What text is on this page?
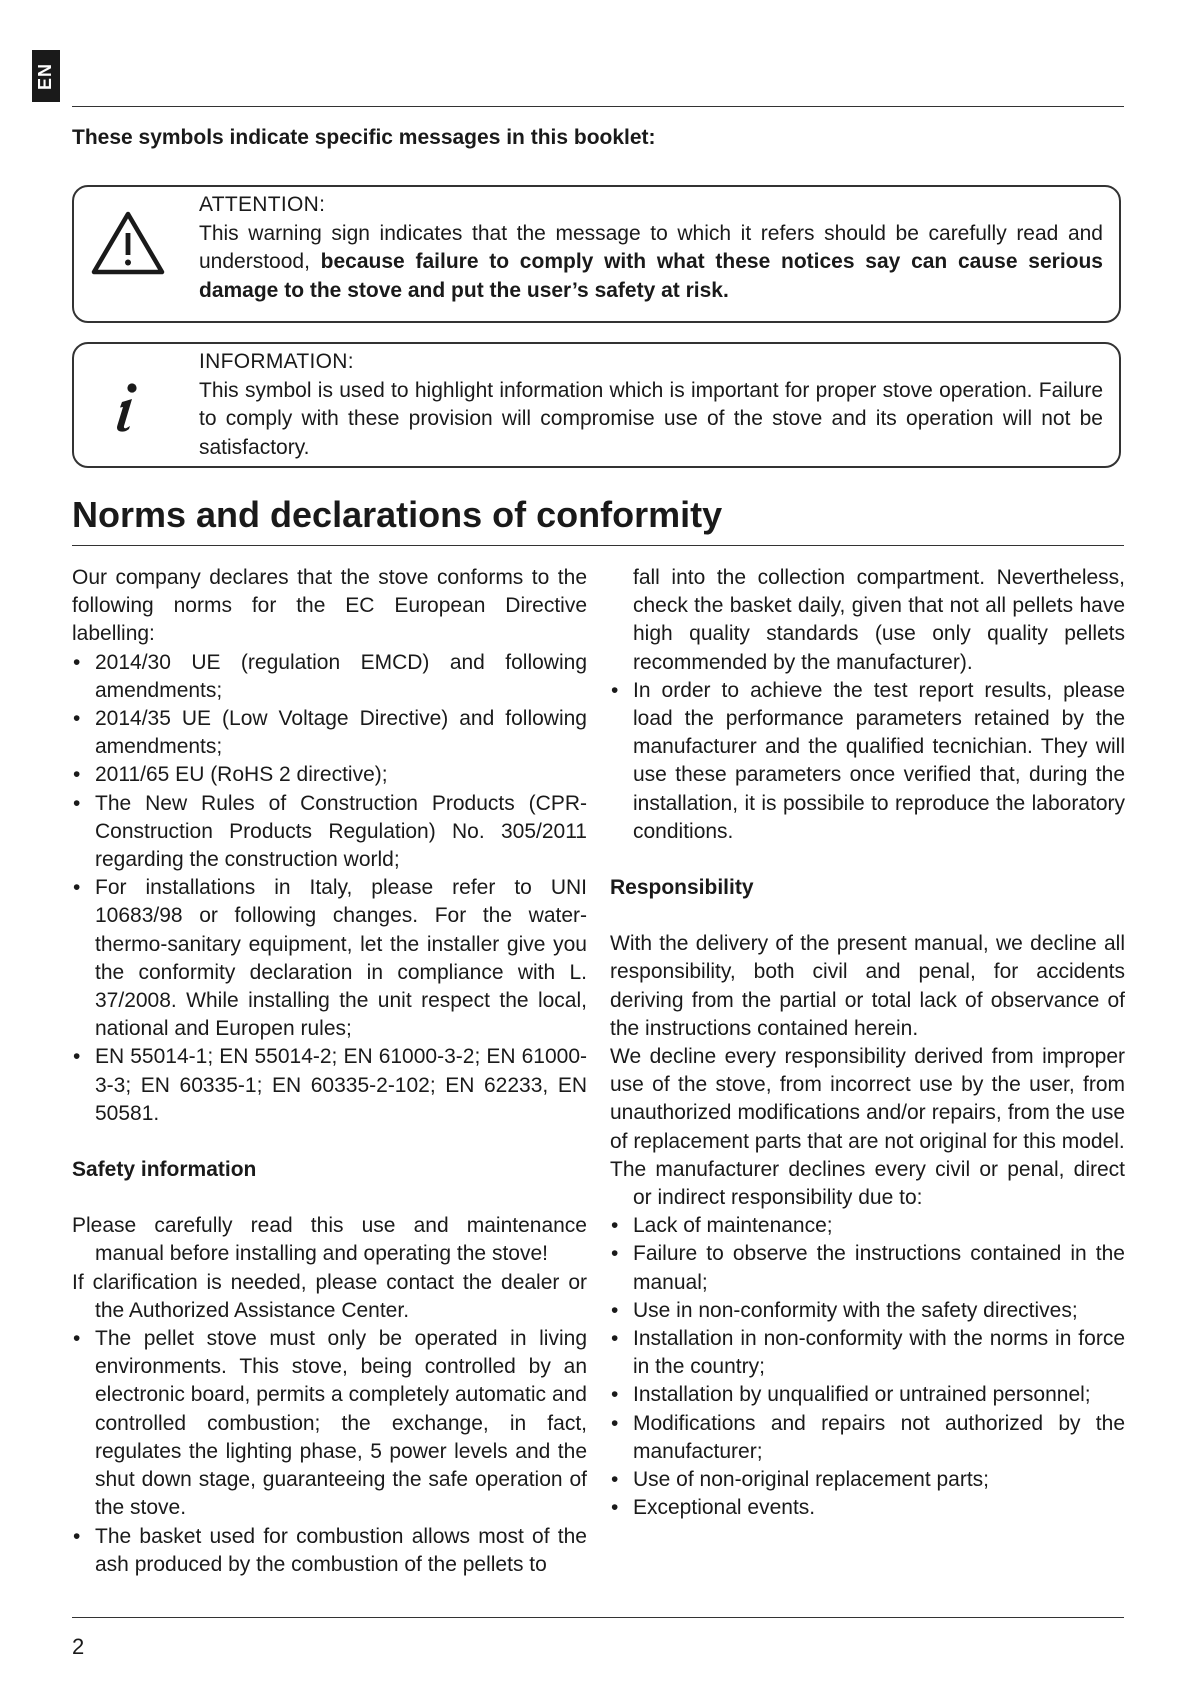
EN
These symbols indicate specific messages in this booklet:
ATTENTION:
This warning sign indicates that the message to which it refers should be carefully read and understood, because failure to comply with what these notices say can cause serious damage to the stove and put the user’s safety at risk.
INFORMATION:
This symbol is used to highlight information which is important for proper stove operation. Failure to comply with these provision will compromise use of the stove and its operation will not be satisfactory.
Norms and declarations of conformity

Our company declares that the stove conforms to the following norms for the EC European Directive labelling:

• 2014/30 UE (regulation EMCD) and following amendments;
• 2014/35 UE (Low Voltage Directive) and following amendments;
• 2011/65 EU (RoHS 2 directive);
• The New Rules of Construction Products (CPR- Construction Products Regulation) No. 305/2011 regarding the construction world;
• For installations in Italy, please refer to UNI 10683/98 or following changes. For the water- thermo-sanitary equipment, let the installer give you the conformity declaration in compliance with L. 37/2008. While installing the unit respect the local, national and Europen rules;
• EN 55014-1; EN 55014-2; EN 61000-3-2; EN 61000-3-3; EN 60335-1; EN 60335-2-102; EN 62233, EN 50581.

Safety information

Please carefully read this use and maintenance manual before installing and operating the stove!

If clarification is needed, please contact the dealer or the Authorized Assistance Center.

• The pellet stove must only be operated in living environments. This stove, being controlled by an electronic board, permits a completely automatic and controlled combustion; the exchange, in fact, regulates the lighting phase, 5 power levels and the shut down stage, guaranteeing the safe operation of the stove.
• The basket used for combustion allows most of the ash produced by the combustion of the pellets to

fall into the collection compartment. Nevertheless, check the basket daily, given that not all pellets have high quality standards (use only quality pellets recommended by the manufacturer).

• In order to achieve the test report results, please load the performance parameters retained by the manufacturer and the qualified tecnichian. They will use these parameters once verified that, during the installation, it is possibile to reproduce the laboratory conditions.

Responsibility

With the delivery of the present manual, we decline all responsibility, both civil and penal, for accidents deriving from the partial or total lack of observance of the instructions contained herein.

We decline every responsibility derived from improper use of the stove, from incorrect use by the user, from unauthorized modifications and/or repairs, from the use of replacement parts that are not original for this model.

The manufacturer declines every civil or penal, direct or indirect responsibility due to:

• Lack of maintenance;
• Failure to observe the instructions contained in the manual;
• Use in non-conformity with the safety directives;
• Installation in non-conformity with the norms in force in the country;
• Installation by unqualified or untrained personnel;
• Modifications and repairs not authorized by the manufacturer;
• Use of non-original replacement parts;
• Exceptional events.
2
